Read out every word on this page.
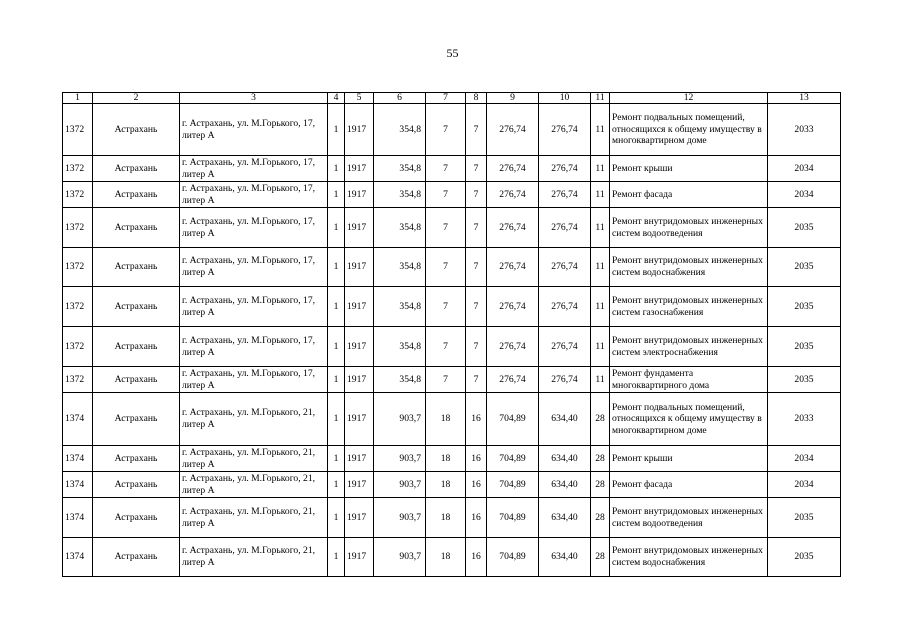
55
1	2	3	4	5	6	7	8	9	10	11	12	13
1372	Астрахань	г. Астрахань, ул. М.Горького, 17, литер А	1	1917	354,8	7	7	276,74	276,74	11	Ремонт подвальных помещений, относящихся к общему имуществу в многоквартирном доме	2033
1372	Астрахань	г. Астрахань, ул. М.Горького, 17, литер А	1	1917	354,8	7	7	276,74	276,74	11	Ремонт крыши	2034
1372	Астрахань	г. Астрахань, ул. М.Горького, 17, литер А	1	1917	354,8	7	7	276,74	276,74	11	Ремонт фасада	2034
1372	Астрахань	г. Астрахань, ул. М.Горького, 17, литер А	1	1917	354,8	7	7	276,74	276,74	11	Ремонт внутридомовых инженерных систем водоотведения	2035
1372	Астрахань	г. Астрахань, ул. М.Горького, 17, литер А	1	1917	354,8	7	7	276,74	276,74	11	Ремонт внутридомовых инженерных систем водоснабжения	2035
1372	Астрахань	г. Астрахань, ул. М.Горького, 17, литер А	1	1917	354,8	7	7	276,74	276,74	11	Ремонт внутридомовых инженерных систем газоснабжения	2035
1372	Астрахань	г. Астрахань, ул. М.Горького, 17, литер А	1	1917	354,8	7	7	276,74	276,74	11	Ремонт внутридомовых инженерных систем электроснабжения	2035
1372	Астрахань	г. Астрахань, ул. М.Горького, 17, литер А	1	1917	354,8	7	7	276,74	276,74	11	Ремонт фундамента многоквартирного дома	2035
1374	Астрахань	г. Астрахань, ул. М.Горького, 21, литер А	1	1917	903,7	18	16	704,89	634,40	28	Ремонт подвальных помещений, относящихся к общему имуществу в многоквартирном доме	2033
1374	Астрахань	г. Астрахань, ул. М.Горького, 21, литер А	1	1917	903,7	18	16	704,89	634,40	28	Ремонт крыши	2034
1374	Астрахань	г. Астрахань, ул. М.Горького, 21, литер А	1	1917	903,7	18	16	704,89	634,40	28	Ремонт фасада	2034
1374	Астрахань	г. Астрахань, ул. М.Горького, 21, литер А	1	1917	903,7	18	16	704,89	634,40	28	Ремонт внутридомовых инженерных систем водоотведения	2035
1374	Астрахань	г. Астрахань, ул. М.Горького, 21, литер А	1	1917	903,7	18	16	704,89	634,40	28	Ремонт внутридомовых инженерных систем водоснабжения	2035
